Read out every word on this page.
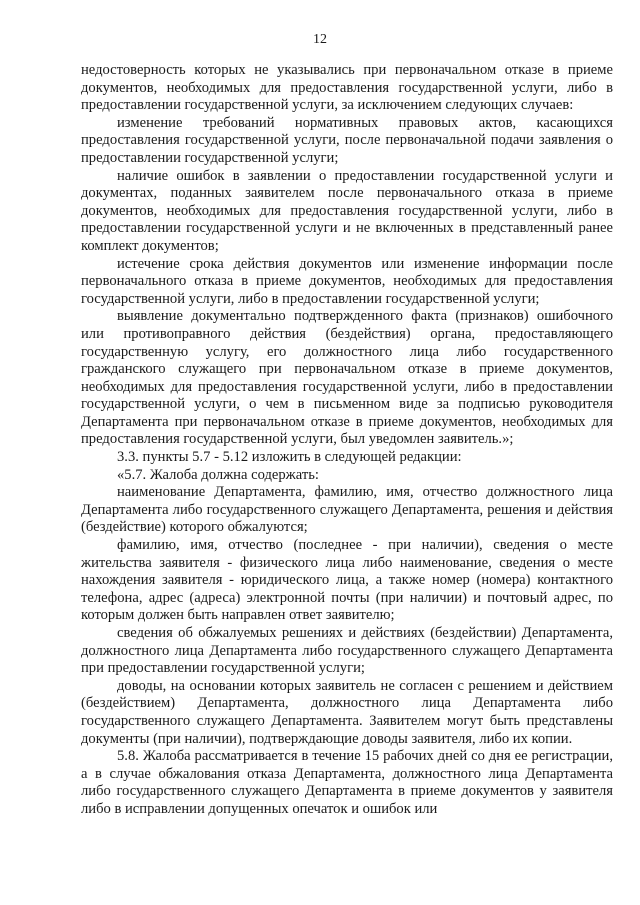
12

недостоверность которых не указывались при первоначальном отказе в приеме документов, необходимых для предоставления государственной услуги, либо в предоставлении государственной услуги, за исключением следующих случаев:

изменение требований нормативных правовых актов, касающихся предоставления государственной услуги, после первоначальной подачи заявления о предоставлении государственной услуги;

наличие ошибок в заявлении о предоставлении государственной услуги и документах, поданных заявителем после первоначального отказа в приеме документов, необходимых для предоставления государственной услуги, либо в предоставлении государственной услуги и не включенных в представленный ранее комплект документов;

истечение срока действия документов или изменение информации после первоначального отказа в приеме документов, необходимых для предоставления государственной услуги, либо в предоставлении государственной услуги;

выявление документально подтвержденного факта (признаков) ошибочного или противоправного действия (бездействия) органа, предоставляющего государственную услугу, его должностного лица либо государственного гражданского служащего при первоначальном отказе в приеме документов, необходимых для предоставления государственной услуги, либо в предоставлении государственной услуги, о чем в письменном виде за подписью руководителя Департамента при первоначальном отказе в приеме документов, необходимых для предоставления государственной услуги, был уведомлен заявитель.»;

3.3. пункты 5.7 - 5.12 изложить в следующей редакции:

«5.7. Жалоба должна содержать:

наименование Департамента, фамилию, имя, отчество должностного лица Департамента либо государственного служащего Департамента, решения и действия (бездействие) которого обжалуются;

фамилию, имя, отчество (последнее - при наличии), сведения о месте жительства заявителя - физического лица либо наименование, сведения о месте нахождения заявителя - юридического лица, а также номер (номера) контактного телефона, адрес (адреса) электронной почты (при наличии) и почтовый адрес, по которым должен быть направлен ответ заявителю;

сведения об обжалуемых решениях и действиях (бездействии) Департамента, должностного лица Департамента либо государственного служащего Департамента при предоставлении государственной услуги;

доводы, на основании которых заявитель не согласен с решением и действием (бездействием) Департамента, должностного лица Департамента либо государственного служащего Департамента. Заявителем могут быть представлены документы (при наличии), подтверждающие доводы заявителя, либо их копии.

5.8. Жалоба рассматривается в течение 15 рабочих дней со дня ее регистрации, а в случае обжалования отказа Департамента, должностного лица Департамента либо государственного служащего Департамента в приеме документов у заявителя либо в исправлении допущенных опечаток и ошибок или
